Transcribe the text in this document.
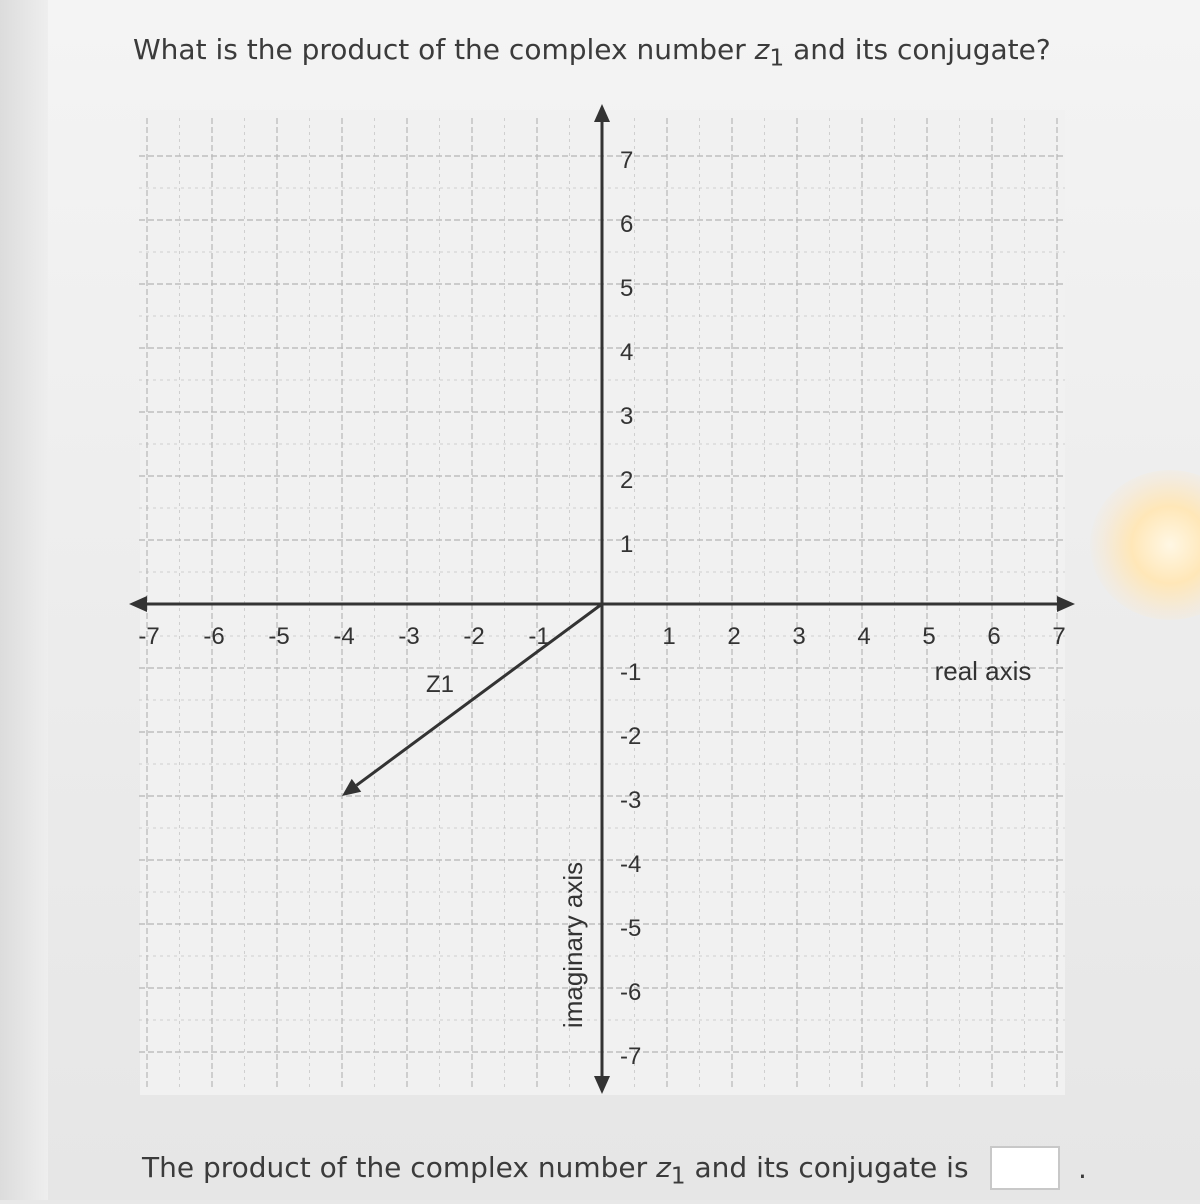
What is the product of the complex number $z_1$ and its conjugate?
-7 -6 -5 -4 -3 -2 -1	1 2 3 4 5 6 7
7
6
5
4
3
2
1
-1
-2
-3
-4
-5
-6
-7
Z1	real axis
imaginary axis
The product of the complex number $z_1$ and its conjugate is	.
